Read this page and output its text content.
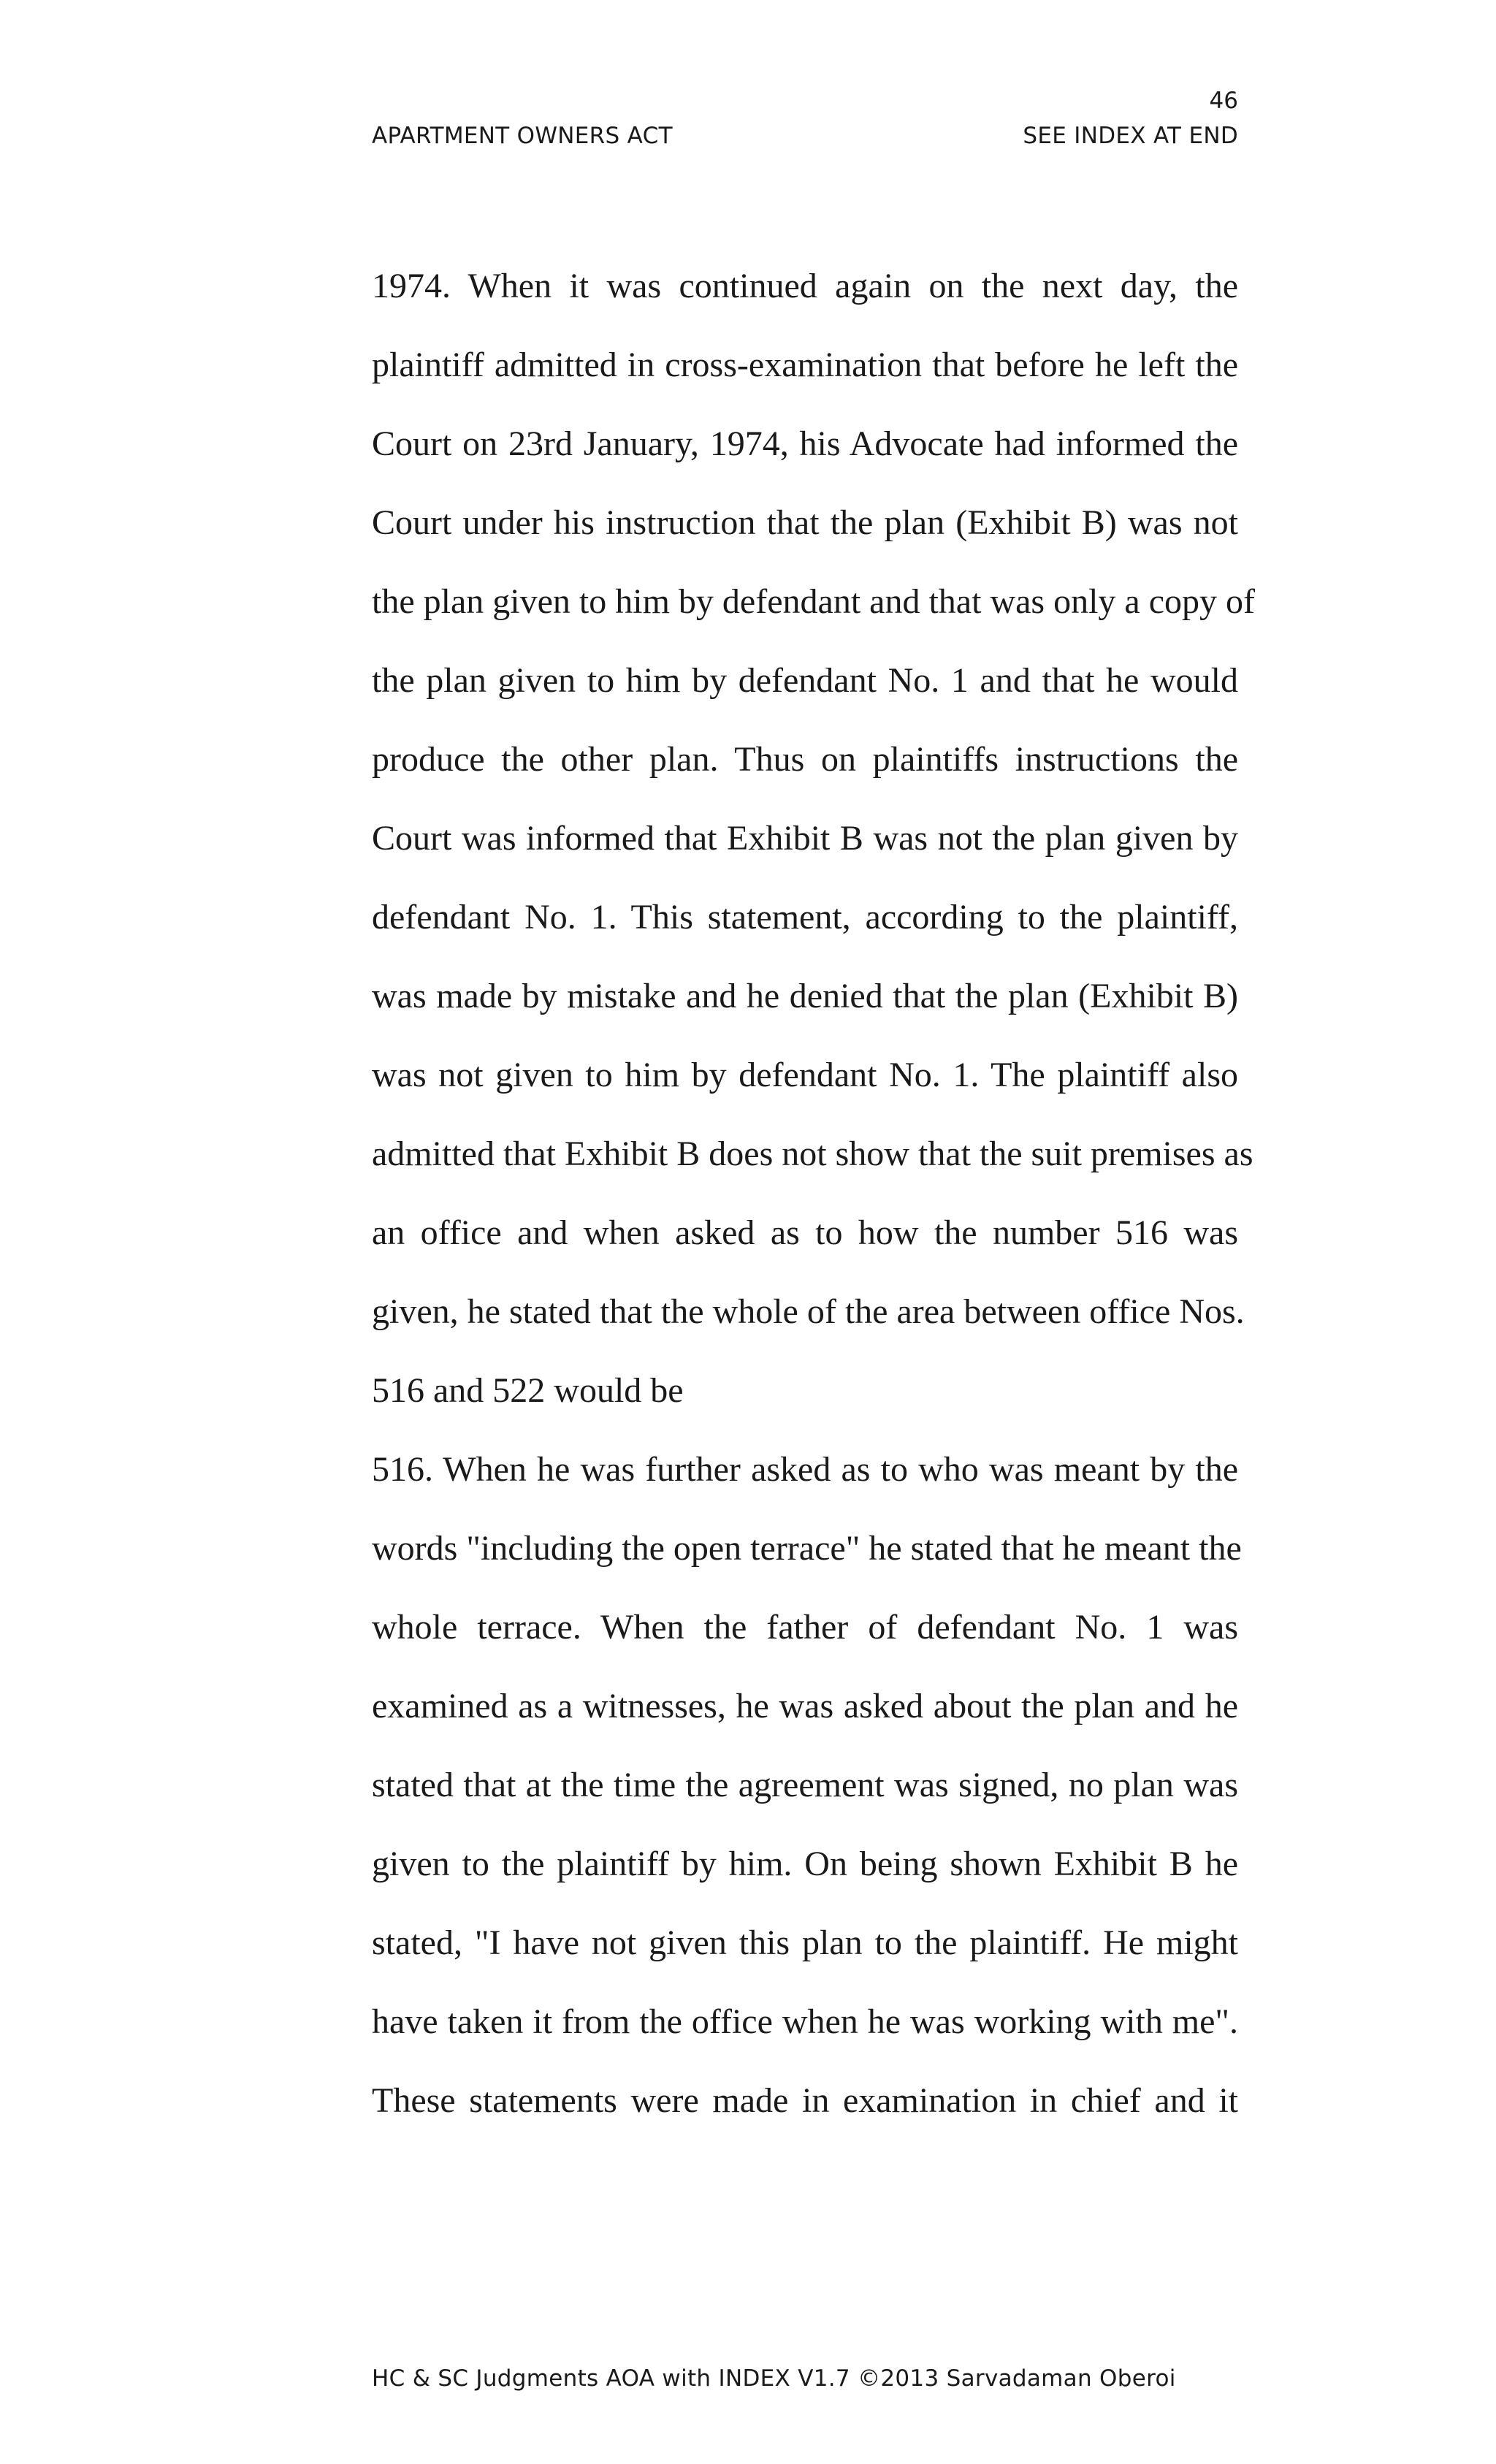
46
APARTMENT OWNERS ACT	SEE INDEX AT END
1974. When it was continued again on the next day, the
plaintiff admitted in cross-examination that before he left the
Court on 23rd January, 1974, his Advocate had informed the
Court under his instruction that the plan (Exhibit B) was not
the plan given to him by defendant and that was only a copy of
the plan given to him by defendant No. 1 and that he would
produce the other plan. Thus on plaintiffs instructions the
Court was informed that Exhibit B was not the plan given by
defendant No. 1. This statement, according to the plaintiff,
was made by mistake and he denied that the plan (Exhibit B)
was not given to him by defendant No. 1. The plaintiff also
admitted that Exhibit B does not show that the suit premises as
an office and when asked as to how the number 516 was
given, he stated that the whole of the area between office Nos.
516 and 522 would be
516. When he was further asked as to who was meant by the
words "including the open terrace" he stated that he meant the
whole terrace. When the father of defendant No. 1 was
examined as a witnesses, he was asked about the plan and he
stated that at the time the agreement was signed, no plan was
given to the plaintiff by him. On being shown Exhibit B he
stated, "I have not given this plan to the plaintiff. He might
have taken it from the office when he was working with me".
These statements were made in examination in chief and it
HC & SC Judgments AOA with INDEX V1.7 ©2013 Sarvadaman Oberoi
